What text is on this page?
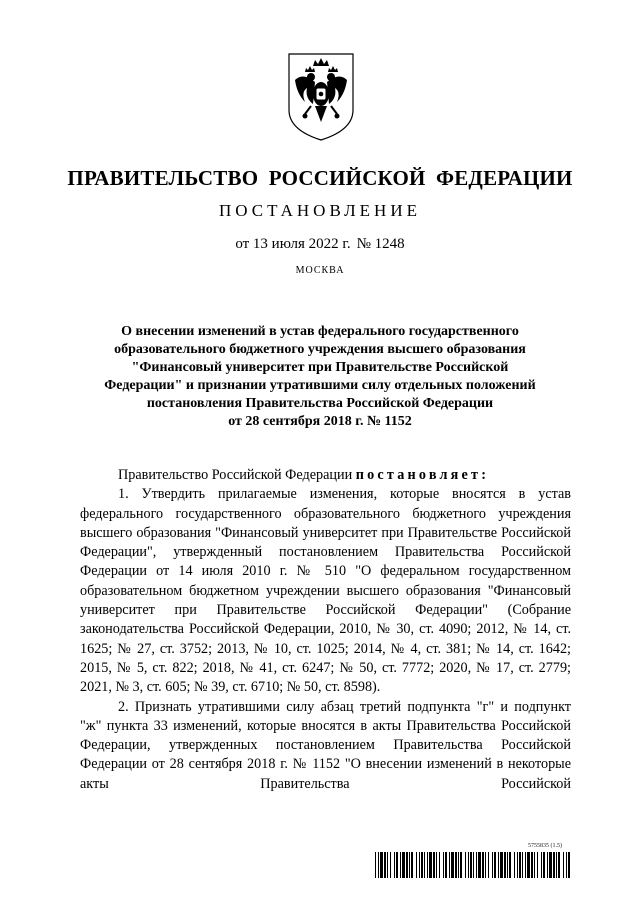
ПРАВИТЕЛЬСТВО РОССИЙСКОЙ ФЕДЕРАЦИИ
ПОСТАНОВЛЕНИЕ
от 13 июля 2022 г. № 1248
МОСКВА
О внесении изменений в устав федерального государственного
образовательного бюджетного учреждения высшего образования
"Финансовый университет при Правительстве Российской
Федерации" и признании утратившими силу отдельных положений
постановления Правительства Российской Федерации
от 28 сентября 2018 г. № 1152

Правительство Российской Федерации постановляет:

1. Утвердить прилагаемые изменения, которые вносятся в устав федерального государственного образовательного бюджетного учреждения высшего образования "Финансовый университет при Правительстве Российской Федерации", утвержденный постановлением Правительства Российской Федерации от 14 июля 2010 г. № 510 "О федеральном государственном образовательном бюджетном учреждении высшего образования "Финансовый университет при Правительстве Российской Федерации" (Собрание законодательства Российской Федерации, 2010, № 30, ст. 4090; 2012, № 14, ст. 1625; № 27, ст. 3752; 2013, № 10, ст. 1025; 2014, № 4, ст. 381; № 14, ст. 1642; 2015, № 5, ст. 822; 2018, № 41, ст. 6247; № 50, ст. 7772; 2020, № 17, ст. 2779; 2021, № 3, ст. 605; № 39, ст. 6710; № 50, ст. 8598).

2. Признать утратившими силу абзац третий подпункта "г" и подпункт "ж" пункта 33 изменений, которые вносятся в акты Правительства Российской Федерации, утвержденных постановлением Правительства Российской Федерации от 28 сентября 2018 г. № 1152 "О внесении изменений в некоторые акты Правительства Российской

5755835 (1.5)
